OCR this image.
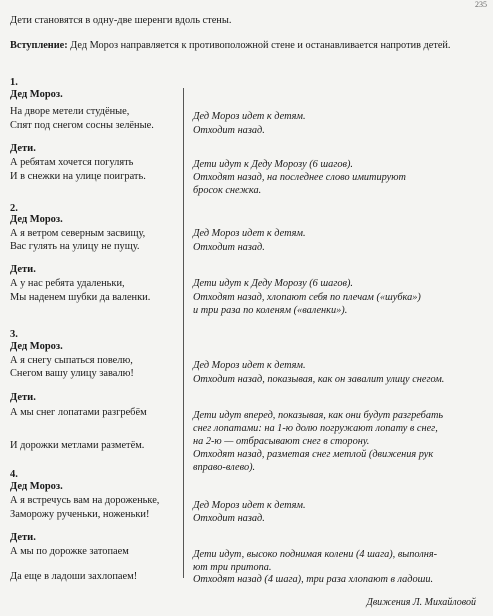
235
Дети становятся в одну-две шеренги вдоль стены.
Вступление: Дед Мороз направляется к противоположной стене и останавливается напротив детей.
1.
Дед Мороз.
На дворе метели студёные,
Спят под снегом сосны зелёные.
Дед Мороз идет к детям.
Отходит назад.
Дети.
А ребятам хочется погулять
И в снежки на улице поиграть.
Дети идут к Деду Морозу (6 шагов).
Отходят назад, на последнее слово имитируют
бросок снежка.
2.
Дед Мороз.
А я ветром северным засвищу,
Вас гулять на улицу не пущу.
Дед Мороз идет к детям.
Отходит назад.
Дети.
А у нас ребята удаленьки,
Мы наденем шубки да валенки.
Дети идут к Деду Морозу (6 шагов).
Отходят назад, хлопают себя по плечам («шубка»)
и три раза по коленям («валенки»).
3.
Дед Мороз.
А я снегу сыпаться повелю,
Снегом вашу улицу завалю!
Дед Мороз идет к детям.
Отходит назад, показывая, как он завалит улицу снегом.
Дети.
А мы снег лопатами разгребём
И дорожки метлами разметём.
Дети идут вперед, показывая, как они будут разгребать
снег лопатами: на 1-ю долю погружают лопату в снег,
на 2-ю — отбрасывают снег в сторону.
Отходят назад, разметая снег метлой (движения рук
вправо-влево).
4.
Дед Мороз.
А я встречусь вам на дороженьке,
Заморожу рученьки, ноженьки!
Дед Мороз идет к детям.
Отходит назад.
Дети.
А мы по дорожке затопаем
Да еще в ладоши захлопаем!
Дети идут, высоко поднимая колени (4 шага), выполня-
ют три притопа.
Отходят назад (4 шага), три раза хлопают в ладоши.
Движения Л. Михайловой
